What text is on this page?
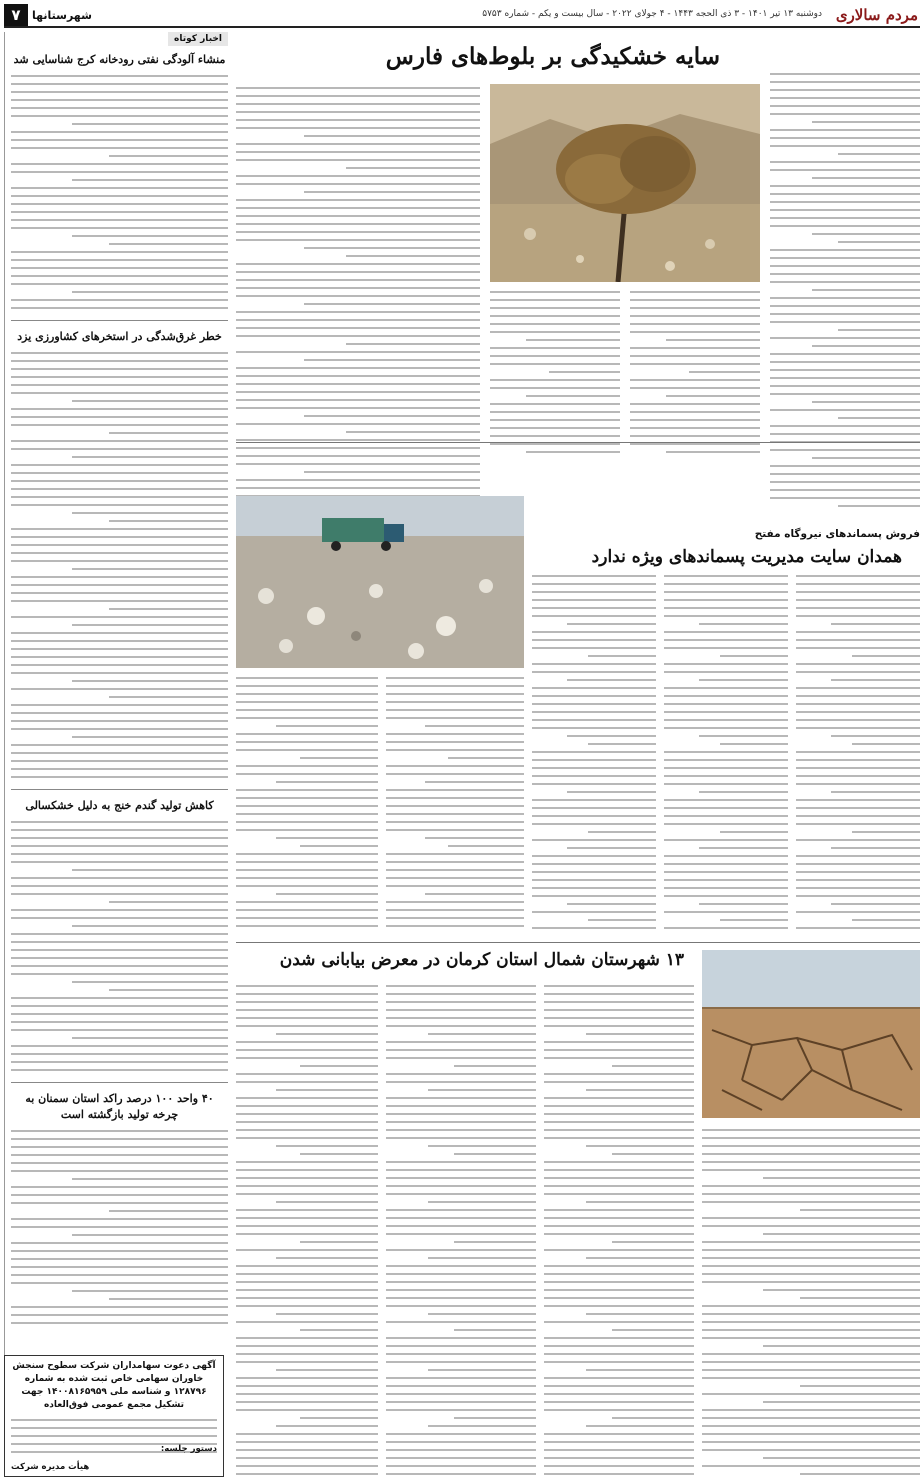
مردم سالاری
دوشنبه ۱۳ تیر ۱۴۰۱ - ۳ ذی الحجه ۱۴۴۳ - ۴ جولای ۲۰۲۲ - سال بیست و یکم - شماره ۵۷۵۳
شهرستانها
۷
اخبار کوتاه
منشاء آلودگی نفتی رودخانه کرج شناسایی شد
خطر غرق‌شدگی در استخرهای کشاورزی یزد
کاهش تولید گندم خنج به دلیل خشکسالی
۴۰ واحد ۱۰۰ درصد راکد استان سمنان به چرخه تولید بازگشته است
آگهی دعوت سهامداران شرکت سطوح سنجش خاوران سهامی خاص ثبت شده به شماره ۱۲۸۷۹۶ و شناسه ملی ۱۴۰۰۸۱۶۵۹۵۹ جهت تشکیل مجمع عمومی فوق‌العاده
دستور جلسه:
هیأت مدیره شرکت
سایه خشکیدگی بر بلوط‌های فارس
فروش پسماندهای نیروگاه مفتح
همدان سایت مدیریت پسماندهای ویژه ندارد
۱۳ شهرستان شمال استان کرمان در معرض بیابانی شدن
